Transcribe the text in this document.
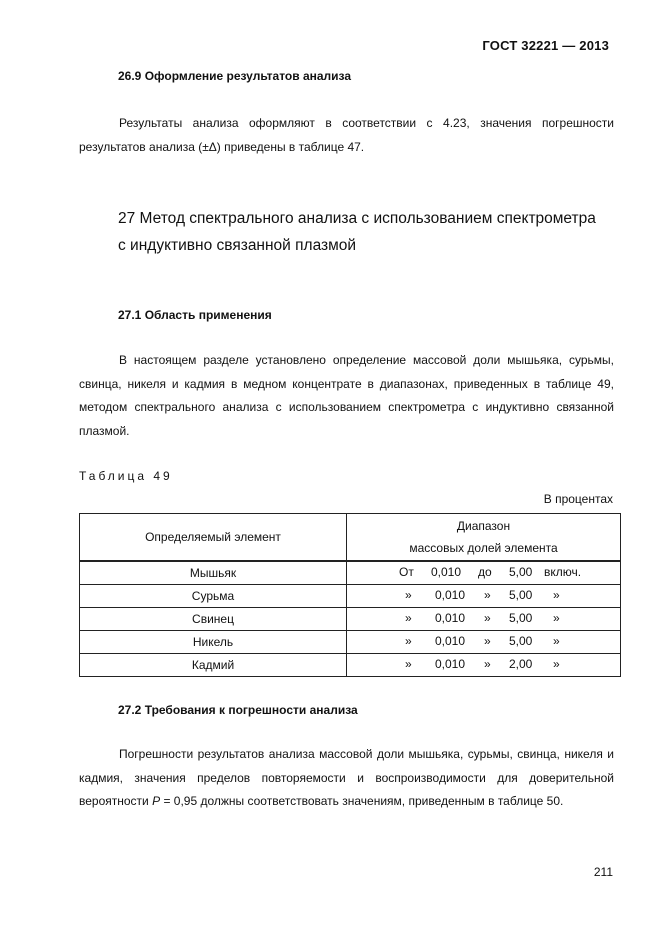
ГОСТ 32221 — 2013
26.9 Оформление результатов анализа
Результаты анализа оформляют в соответствии с 4.23, значения погрешности результатов анализа (±Δ) приведены в таблице 47.
27 Метод спектрального анализа с использованием спектрометра с индуктивно связанной плазмой
27.1 Область применения
В настоящем разделе установлено определение массовой доли мышьяка, сурьмы, свинца, никеля и кадмия в медном концентрате в диапазонах, приведенных в таблице 49, методом спектрального анализа с использованием спектрометра с индуктивно связанной плазмой.
Таблица 49
В процентах
Определяемый элемент	Диапазон
массовых долей элемента

Мышьяк	От 0,010 до 5,00 включ.

Сурьма	» 0,010 » 5,00 »

Свинец	» 0,010 » 5,00 »

Никель	» 0,010 » 5,00 »

Кадмий	» 0,010 » 2,00 »
27.2 Требования к погрешности анализа
Погрешности результатов анализа массовой доли мышьяка, сурьмы, свинца, никеля и кадмия, значения пределов повторяемости и воспроизводимости для доверительной вероятности P = 0,95 должны соответствовать значениям, приведенным в таблице 50.
211
